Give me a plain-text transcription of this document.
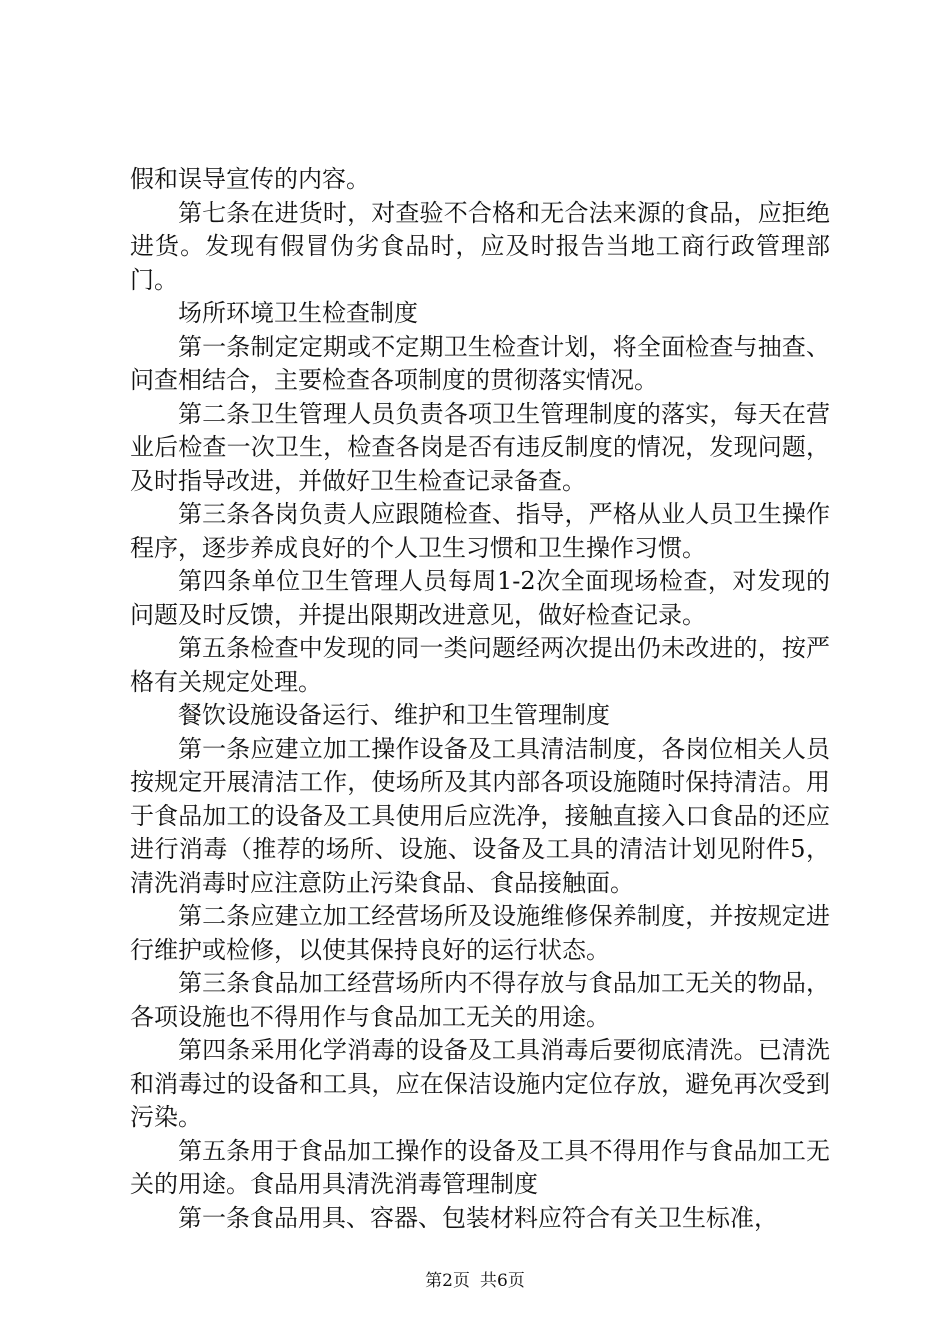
假和误导宣传的内容。

第七条在进货时，对查验不合格和无合法来源的食品，应拒绝进货。发现有假冒伪劣食品时，应及时报告当地工商行政管理部门。

场所环境卫生检查制度

第一条制定定期或不定期卫生检查计划，将全面检查与抽查、问查相结合，主要检查各项制度的贯彻落实情况。

第二条卫生管理人员负责各项卫生管理制度的落实，每天在营业后检查一次卫生，检查各岗是否有违反制度的情况，发现问题，及时指导改进，并做好卫生检查记录备查。

第三条各岗负责人应跟随检查、指导，严格从业人员卫生操作程序，逐步养成良好的个人卫生习惯和卫生操作习惯。

第四条单位卫生管理人员每周1-2次全面现场检查，对发现的问题及时反馈，并提出限期改进意见，做好检查记录。

第五条检查中发现的同一类问题经两次提出仍未改进的，按严格有关规定处理。

餐饮设施设备运行、维护和卫生管理制度

第一条应建立加工操作设备及工具清洁制度，各岗位相关人员按规定开展清洁工作，使场所及其内部各项设施随时保持清洁。用于食品加工的设备及工具使用后应洗净，接触直接入口食品的还应进行消毒（推荐的场所、设施、设备及工具的清洁计划见附件5，清洗消毒时应注意防止污染食品、食品接触面。

第二条应建立加工经营场所及设施维修保养制度，并按规定进行维护或检修，以使其保持良好的运行状态。

第三条食品加工经营场所内不得存放与食品加工无关的物品，各项设施也不得用作与食品加工无关的用途。

第四条采用化学消毒的设备及工具消毒后要彻底清洗。已清洗和消毒过的设备和工具，应在保洁设施内定位存放，避免再次受到污染。

第五条用于食品加工操作的设备及工具不得用作与食品加工无关的用途。食品用具清洗消毒管理制度

第一条食品用具、容器、包装材料应符合有关卫生标准，

第2页 共6页
